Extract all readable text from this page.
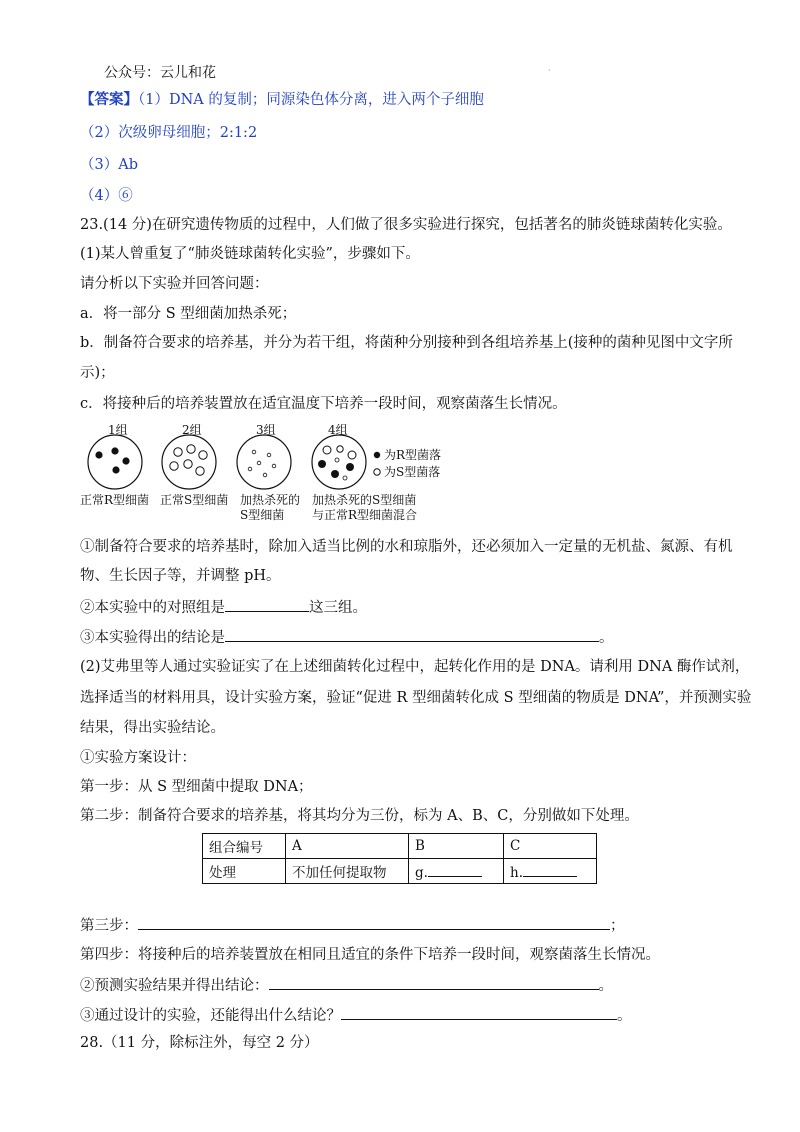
公众号：云儿和花	·
【答案】（1）DNA 的复制；同源染色体分离，进入两个子细胞
（2）次级卵母细胞；2:1:2
（3）Ab
（4）⑥
23.(14 分)在研究遗传物质的过程中，人们做了很多实验进行探究，包括著名的肺炎链球菌转化实验。
(1)某人曾重复了“肺炎链球菌转化实验”，步骤如下。
请分析以下实验并回答问题：
a．将一部分 S 型细菌加热杀死；
b．制备符合要求的培养基，并分为若干组，将菌种分别接种到各组培养基上(接种的菌种见图中文字所
示)；
c．将接种后的培养装置放在适宜温度下培养一段时间，观察菌落生长情况。
1组	2组	3组	4组
为R型菌落
为S型菌落
正常R型细菌 正常S型细菌 加热杀死的
S型细菌
加热杀死的S型细菌
与正常R型细菌混合
①制备符合要求的培养基时，除加入适当比例的水和琼脂外，还必须加入一定量的无机盐、氮源、有机
物、生长因子等，并调整 pH。
②本实验中的对照组是	这三组。
③本实验得出的结论是	。
(2)艾弗里等人通过实验证实了在上述细菌转化过程中，起转化作用的是 DNA。请利用 DNA 酶作试剂，
选择适当的材料用具，设计实验方案，验证“促进 R 型细菌转化成 S 型细菌的物质是 DNA”，并预测实验
结果，得出实验结论。
①实验方案设计：
第一步：从 S 型细菌中提取 DNA；
第二步：制备符合要求的培养基，将其均分为三份，标为 A、B、C，分别做如下处理。
组合编号	A	B	C
处理	不加任何提取物	g.	h.
第三步：	；
第四步：将接种后的培养装置放在相同且适宜的条件下培养一段时间，观察菌落生长情况。
②预测实验结果并得出结论：	。
③通过设计的实验，还能得出什么结论？	。
28.（11 分，除标注外，每空 2 分）
